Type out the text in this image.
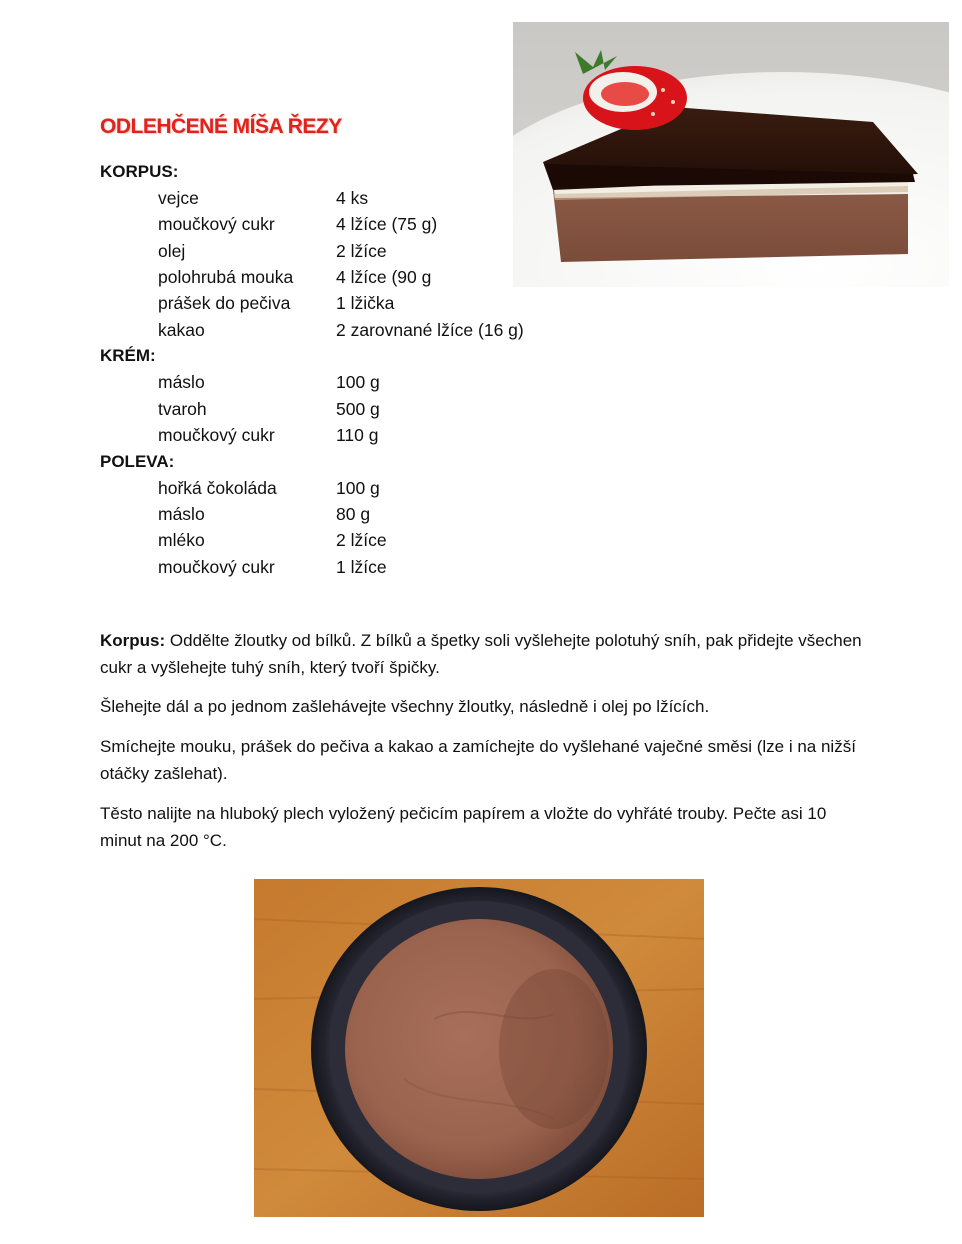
ODLEHČENÉ MÍŠA ŘEZY
KORPUS:
vejce	4 ks
moučkový cukr	4 lžíce (75 g)
olej	2 lžíce
polohrubá mouka 4 lžíce (90 g
prášek do pečiva	1 lžička
kakao	2 zarovnané lžíce (16 g)
KRÉM:
máslo	100 g
tvaroh	500 g
moučkový cukr	110 g
POLEVA:
hořká čokoláda	100 g
máslo	80 g
mléko	2 lžíce
moučkový cukr	1 lžíce
Korpus: Oddělte žloutky od bílků. Z bílků a špetky soli vyšlehejte polotuhý sníh, pak přidejte všechen cukr a vyšlehejte tuhý sníh, který tvoří špičky.
Šlehejte dál a po jednom zašlehávejte všechny žloutky, následně i olej po lžících.
Smíchejte mouku, prášek do pečiva a kakao a zamíchejte do vyšlehané vaječné směsi (lze i na nižší otáčky zašlehat).
Těsto nalijte na hluboký plech vyložený pečicím papírem a vložte do vyhřáté trouby. Pečte asi 10 minut na 200 °C.
